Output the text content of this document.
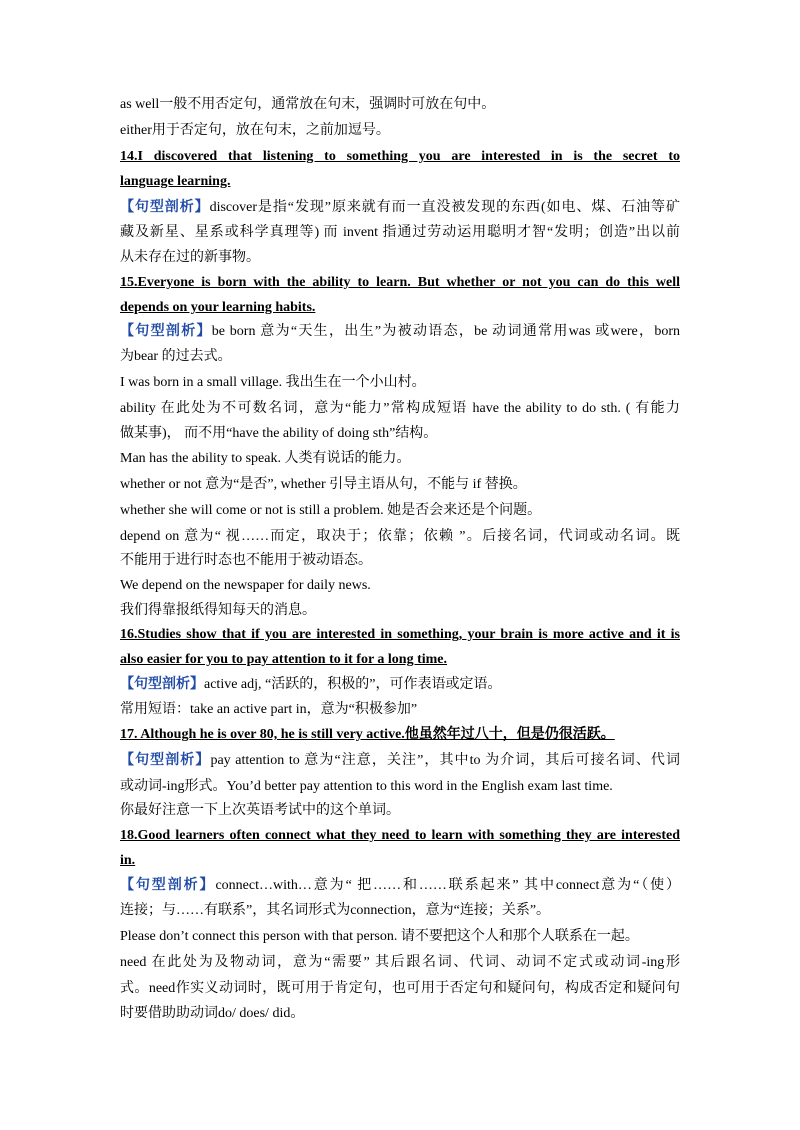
as well一般不用否定句，通常放在句末，强调时可放在句中。
either用于否定句，放在句末，之前加逗号。
14.I discovered that listening to something you are interested in is the secret to
language learning.
【句型剖析】discover是指“发现”原来就有而一直没被发现的东西(如电、煤、石油等矿
藏及新星、星系或科学真理等) 而 invent 指通过劳动运用聪明才智“发明；创造”出以前
从未存在过的新事物。
15.Everyone is born with the ability to learn. But whether or not you can do this well
depends on your learning habits.
【句型剖析】be born 意为“天生，出生”为被动语态，be 动词通常用was 或were，born
为bear 的过去式。
I was born in a small village. 我出生在一个小山村。
ability 在此处为不可数名词，意为“能力”常构成短语 have the ability to do sth. ( 有能力
做某事)， 而不用“have the ability of doing sth”结构。
Man has the ability to speak. 人类有说话的能力。
whether or not 意为“是否”, whether 引导主语从句，不能与 if 替换。
whether she will come or not is still a problem. 她是否会来还是个问题。
depend on 意为“ 视……而定，取决于；依靠；依赖 ”。后接名词，代词或动名词。既
不能用于进行时态也不能用于被动语态。
We depend on the newspaper for daily news.
我们得靠报纸得知每天的消息。
16.Studies show that if you are interested in something, your brain is more active and it is
also easier for you to pay attention to it for a long time.
【句型剖析】active adj, “活跃的，积极的”，可作表语或定语。
常用短语：take an active part in，意为“积极参加”
17. Although he is over 80, he is still very active.他虽然年过八十，但是仍很活跃。
【句型剖析】pay attention to 意为“注意，关注”，其中to 为介词，其后可接名词、代词
或动词-ing形式。You’d better pay attention to this word in the English exam last time.
你最好注意一下上次英语考试中的这个单词。
18.Good learners often connect what they need to learn with something they are interested
in.
【句型剖析】connect…with…意为“ 把……和……联系起来” 其中connect意为“（使）
连接；与……有联系”，其名词形式为connection，意为“连接；关系”。
Please don’t connect this person with that person. 请不要把这个人和那个人联系在一起。
need 在此处为及物动词，意为“需要” 其后跟名词、代词、动词不定式或动词-ing形
式。need作实义动词时，既可用于肯定句，也可用于否定句和疑问句，构成否定和疑问句
时要借助助动词do/ does/ did。
